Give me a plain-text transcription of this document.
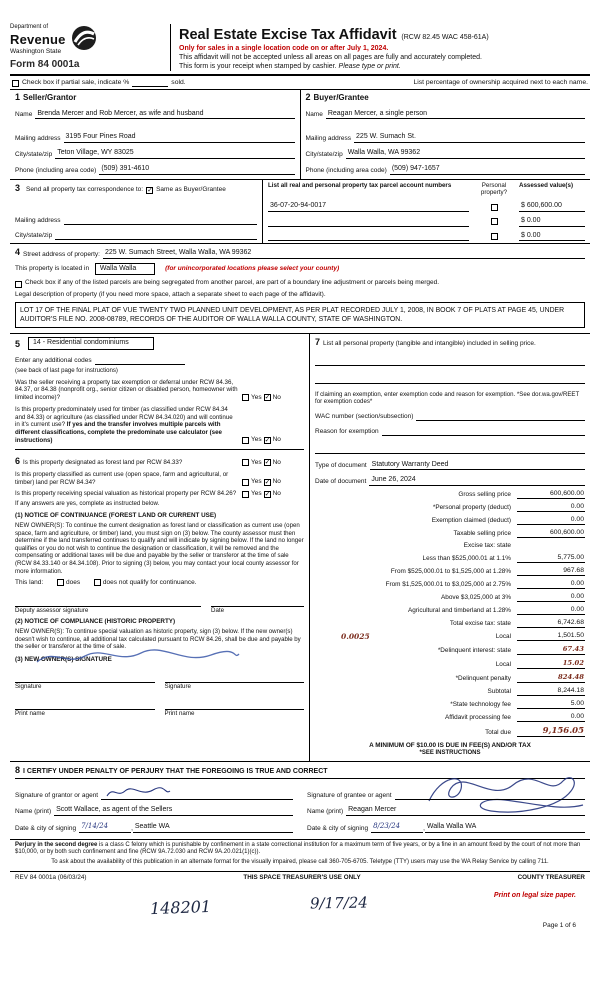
Department of
Revenue
Washington State
Form 84 0001a
Real Estate Excise Tax Affidavit (RCW 82.45 WAC 458-61A)
Only for sales in a single location code on or after July 1, 2024.
This affidavit will not be accepted unless all areas on all pages are fully and accurately completed.
This form is your receipt when stamped by cashier. Please type or print.
Check box if partial sale, indicate %	sold.	List percentage of ownership acquired next to each name.
1 Seller/Grantor
Name Brenda Mercer and Rob Mercer, as wife and husband
Mailing address 3195 Four Pines Road
City/state/zip Teton Village, WY 83025
Phone (including area code) (509) 391-4610
2 Buyer/Grantee
Name Reagan Mercer, a single person
Mailing address 225 W. Sumach St.
City/state/zip Walla Walla, WA 99362
Phone (including area code) (509) 947-1657
3 Send all property tax correspondence to: ✓ Same as Buyer/Grantee
Mailing address
City/state/zip
List all real and personal property tax parcel account numbers	Personal property?
Assessed value(s)
36-07-20-94-0017	$ 600,600.00
$ 0.00
$ 0.00
4 Street address of property: 225 W. Sumach Street, Walla Walla, WA 99362
This property is located in Walla Walla	(for unincorporated locations please select your county)
Check box if any of the listed parcels are being segregated from another parcel, are part of a boundary line adjustment or parcels being merged.
Legal description of property (if you need more space, attach a separate sheet to each page of the affidavit).
LOT 17 OF THE FINAL PLAT OF VUE TWENTY TWO PLANNED UNIT DEVELOPMENT, AS PER PLAT RECORDED JULY 1, 2008, IN BOOK 7 OF PLATS AT PAGE 45, UNDER AUDITOR'S FILE NO. 2008-08789, RECORDS OF THE AUDITOR OF WALLA WALLA COUNTY, STATE OF WASHINGTON.
5	14 - Residential condominiums
Enter any additional codes
(see back of last page for instructions)
Was the seller receiving a property tax exemption or deferral under RCW 84.36, 84.37, or 84.38 (nonprofit org., senior citizen or disabled person, homeowner with limited income)?	Yes ✓ No
Is this property predominately used for timber (as classified under RCW 84.34 and 84.33) or agriculture (as classified under RCW 84.34.020) and will continue in it's current use? If yes and the transfer involves multiple parcels with different classifications, complete the predominate use calculator (see instructions)	Yes ✓ No
6 Is this property designated as forest land per RCW 84.33?	Yes ✓ No
Is this property classified as current use (open space, farm and agricultural, or timber) land per RCW 84.34?	Yes ✓ No
Is this property receiving special valuation as historical property per RCW 84.26?	Yes ✓ No
If any answers are yes, complete as instructed below.
(1) NOTICE OF CONTINUANCE (FOREST LAND OR CURRENT USE)
NEW OWNER(S): To continue the current designation as forest land or classification as current use (open space, farm and agriculture, or timber) land, you must sign on (3) below. The county assessor must then determine if the land transferred continues to qualify and will indicate by signing below. If the land no longer qualifies or you do not wish to continue the designation or classification, it will be removed and the compensating or additional taxes will be due and payable by the seller or transferor at the time of sale (RCW 84.33.140 or 84.34.108). Prior to signing (3) below, you may contact your local county assessor for more information.
This land:	does	does not qualify for continuance.
Deputy assessor signature	Date
(2) NOTICE OF COMPLIANCE (HISTORIC PROPERTY)
NEW OWNER(S): To continue special valuation as historic property, sign (3) below. If the new owner(s) doesn't wish to continue, all additional tax calculated pursuant to RCW 84.26, shall be due and payable by the seller or transferor at the time of sale.
(3) NEW OWNER(S) SIGNATURE
Signature	Signature
Print name	Print name
7 List all personal property (tangible and intangible) included in selling price.
If claiming an exemption, enter exemption code and reason for exemption. *See dor.wa.gov/REET for exemption codes*
WAC number (section/subsection)
Reason for exemption
Type of document Statutory Warranty Deed
Date of document June 26, 2024
Gross selling price	600,600.00
*Personal property (deduct)	0.00
Exemption claimed (deduct)	0.00
Taxable selling price	600,600.00
Excise tax: state
Less than $525,000.01 at 1.1%	5,775.00
From $525,000.01 to $1,525,000 at 1.28%	967.68
From $1,525,000.01 to $3,025,000 at 2.75%	0.00
Above $3,025,000 at 3%	0.00
Agricultural and timberland at 1.28%	0.00
Total excise tax: state	6,742.68
0.0025	Local	1,501.50
*Delinquent interest: state	67.43
Local	15.02
*Delinquent penalty	824.48
Subtotal	8,244.18
*State technology fee	5.00
Affidavit processing fee	0.00
Total due	9,156.05
A MINIMUM OF $10.00 IS DUE IN FEE(S) AND/OR TAX
*SEE INSTRUCTIONS
8 I CERTIFY UNDER PENALTY OF PERJURY THAT THE FOREGOING IS TRUE AND CORRECT
Signature of grantor or agent
Name (print) Scott Wallace, as agent of the Sellers
Date & city of signing 7/14/24	, Seattle WA
Signature of grantee or agent
Name (print) Reagan Mercer
Date & city of signing 8/23/24	, Walla Walla WA
Perjury in the second degree is a class C felony which is punishable by confinement in a state correctional institution for a maximum term of five years, or by a fine in an amount fixed by the court of not more than $10,000, or by both such confinement and fine (RCW 9A.72.030 and RCW 9A.20.021(1)(c)).
To ask about the availability of this publication in an alternate format for the visually impaired, please call 360-705-6705. Teletype (TTY) users may use the WA Relay Service by calling 711.
REV 84 0001a (06/03/24)	THIS SPACE TREASURER'S USE ONLY	COUNTY TREASURER
148201	9/17/24	Print on legal size paper.
Page 1 of 6
